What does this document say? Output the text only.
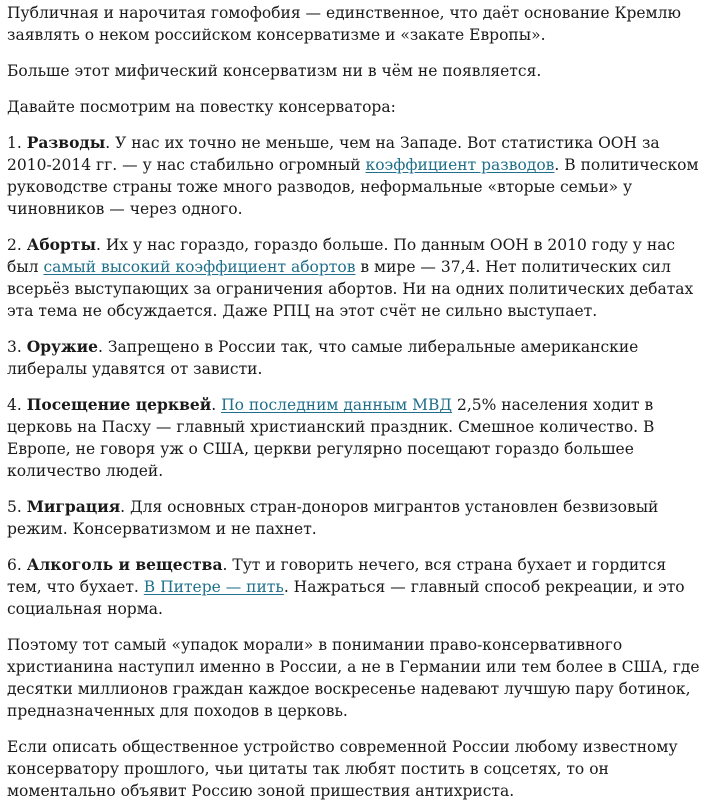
Публичная и нарочитая гомофобия — единственное, что даёт основание Кремлю заявлять о неком российском консерватизме и «закате Европы».

Больше этот мифический консерватизм ни в чём не появляется.

Давайте посмотрим на повестку консерватора:

1. Разводы. У нас их точно не меньше, чем на Западе. Вот статистика ООН за 2010-2014 гг. — у нас стабильно огромный коэффициент разводов. В политическом руководстве страны тоже много разводов, неформальные «вторые семьи» у чиновников — через одного.

2. Аборты. Их у нас гораздо, гораздо больше. По данным ООН в 2010 году у нас был самый высокий коэффициент абортов в мире — 37,4. Нет политических сил всерьёз выступающих за ограничения абортов. Ни на одних политических дебатах эта тема не обсуждается. Даже РПЦ на этот счёт не сильно выступает.

3. Оружие. Запрещено в России так, что самые либеральные американские либералы удавятся от зависти.

4. Посещение церквей. По последним данным МВД 2,5% населения ходит в церковь на Пасху — главный христианский праздник. Смешное количество. В Европе, не говоря уж о США, церкви регулярно посещают гораздо большее количество людей.

5. Миграция. Для основных стран-доноров мигрантов установлен безвизовый режим. Консерватизмом и не пахнет.

6. Алкоголь и вещества. Тут и говорить нечего, вся страна бухает и гордится тем, что бухает. В Питере — пить. Нажраться — главный способ рекреации, и это социальная норма.

Поэтому тот самый «упадок морали» в понимании право-консервативного христианина наступил именно в России, а не в Германии или тем более в США, где десятки миллионов граждан каждое воскресенье надевают лучшую пару ботинок, предназначенных для походов в церковь.

Если описать общественное устройство современной России любому известному консерватору прошлого, чьи цитаты так любят постить в соцсетях, то он моментально объявит Россию зоной пришествия антихриста.
